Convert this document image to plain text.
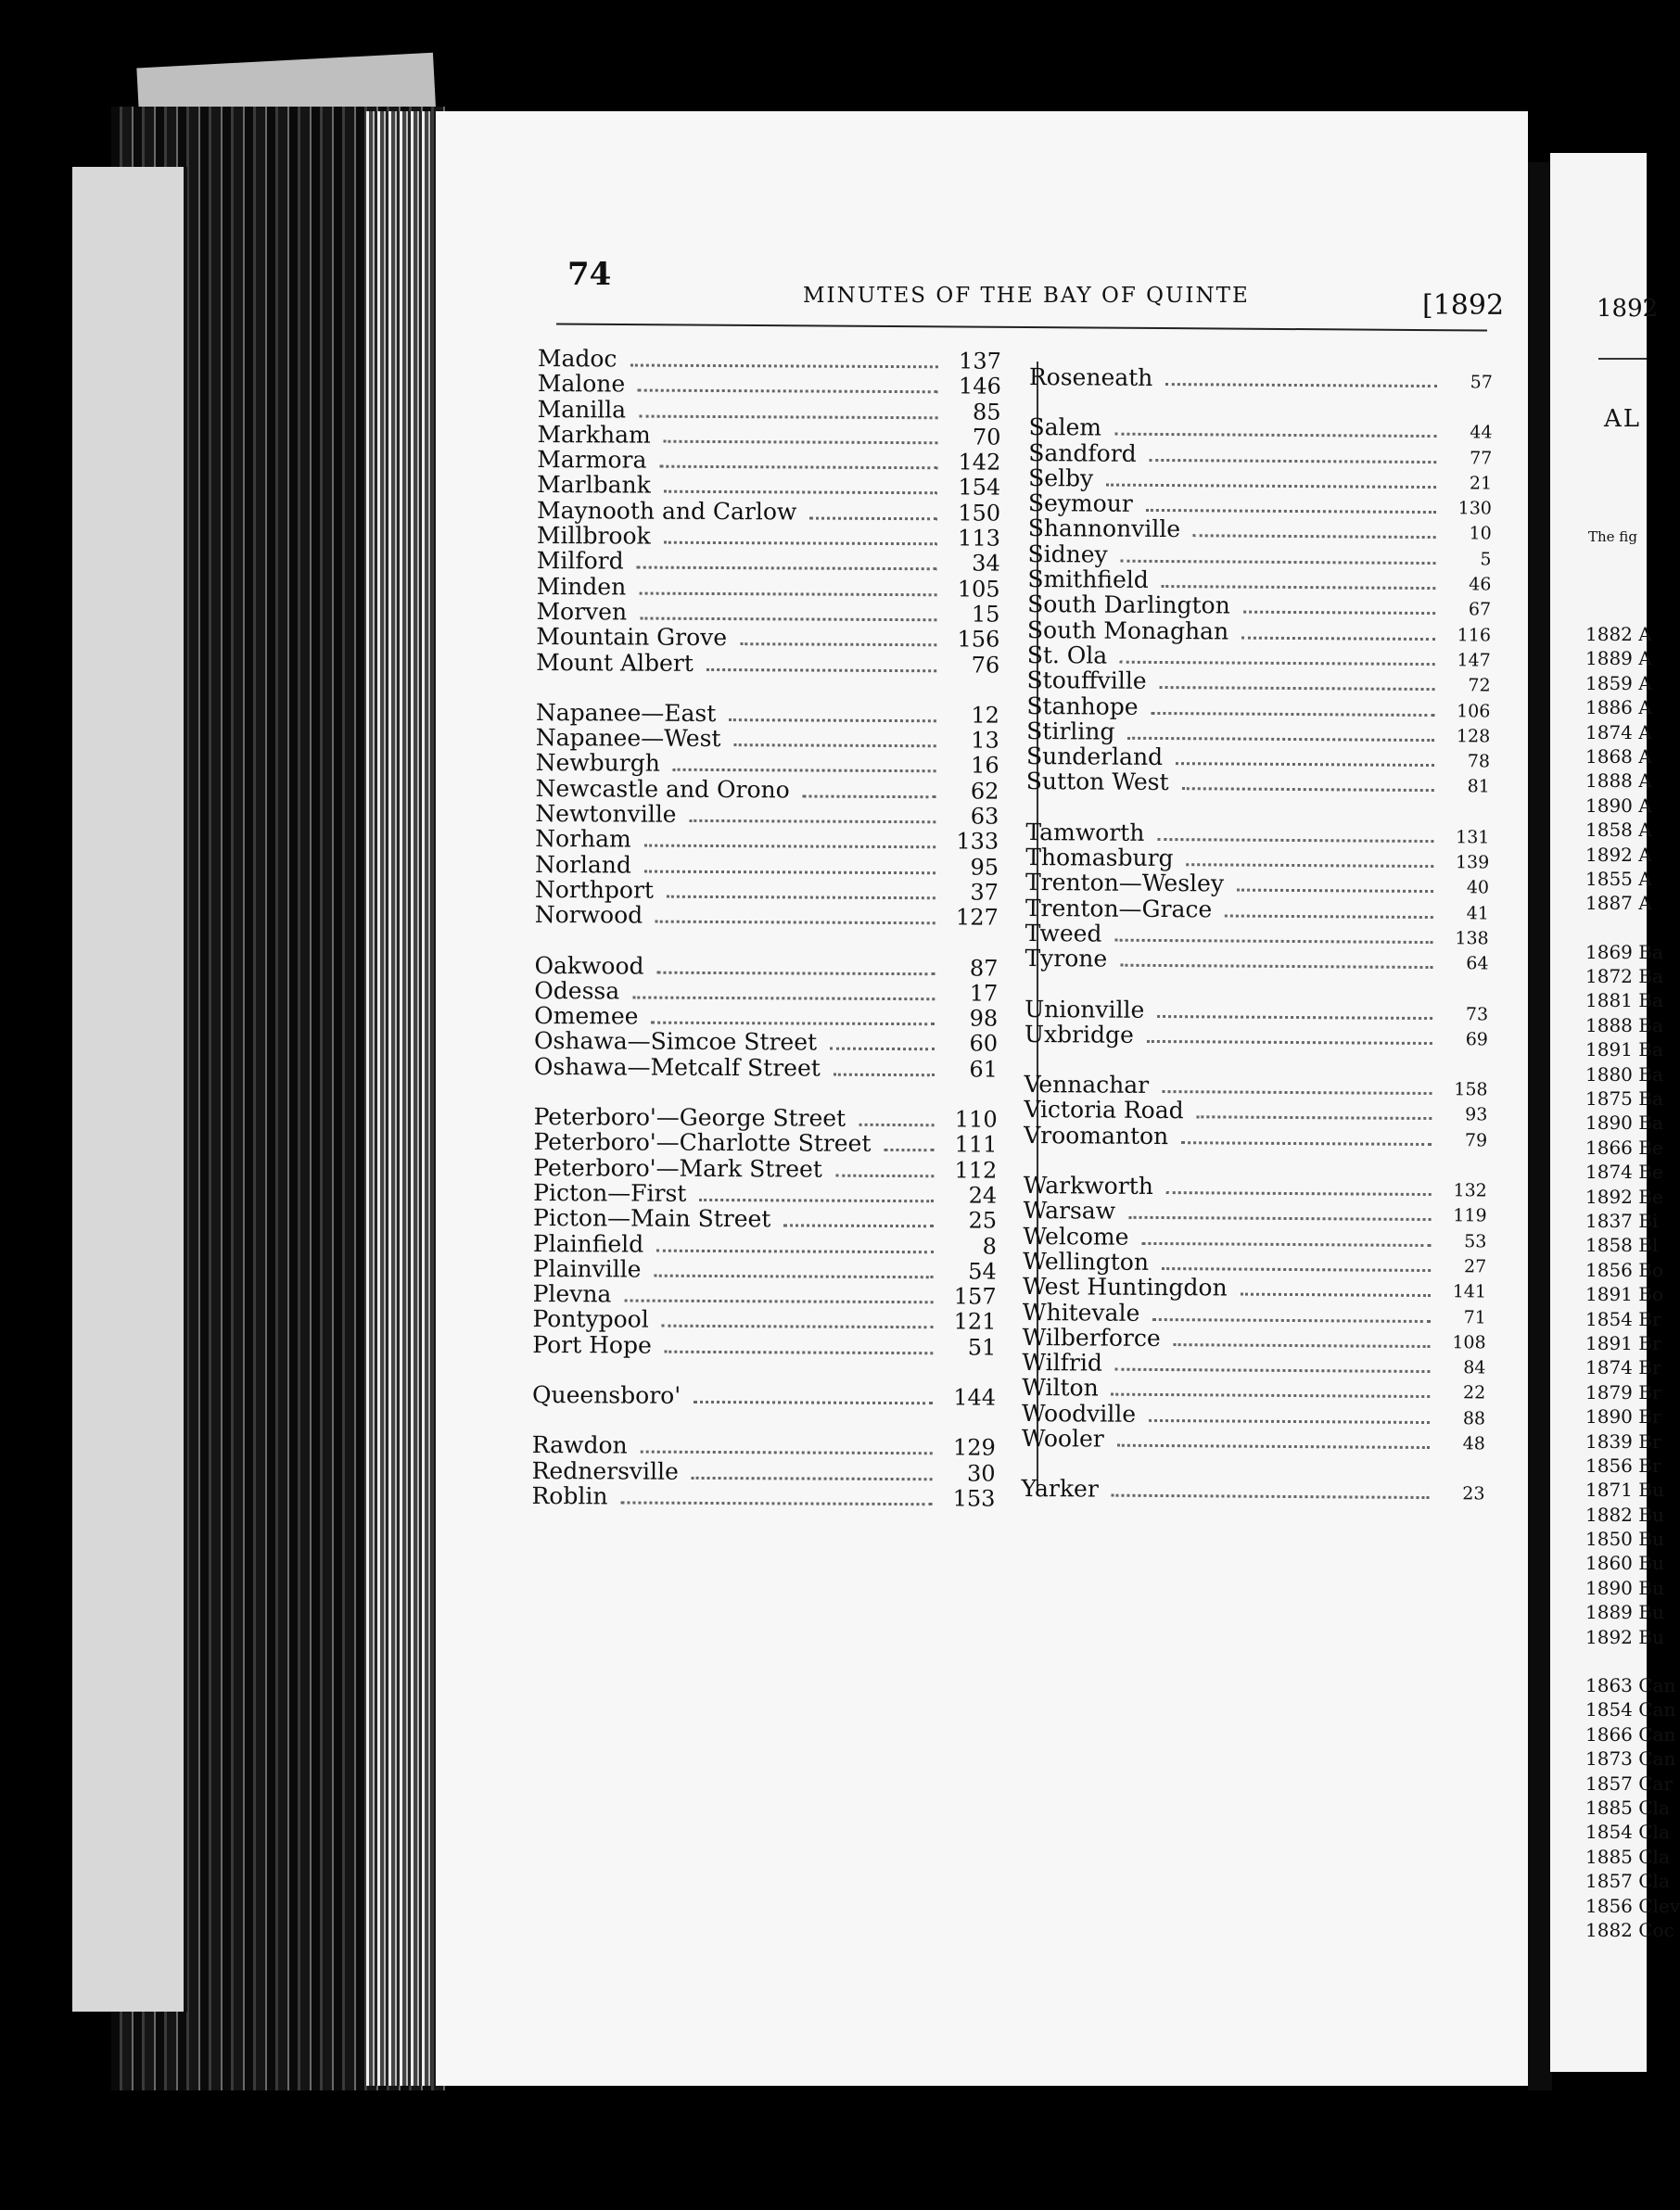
74
MINUTES OF THE BAY OF QUINTE	[1892
Madoc	137
Malone	146
Manilla	85
Markham	70
Marmora	142
Marlbank	154
Maynooth and Carlow	150
Millbrook	113
Milford	34
Minden	105
Morven	15
Mountain Grove	156
Mount Albert	76
Napanee—East	12
Napanee—West	13
Newburgh	16
Newcastle and Orono	62
Newtonville	63
Norham	133
Norland	95
Northport	37
Norwood	127
Oakwood	87
Odessa	17
Omemee	98
Oshawa—Simcoe Street	60
Oshawa—Metcalf Street	61
Peterboro'—George Street	110
Peterboro'—Charlotte Street	111
Peterboro'—Mark Street	112
Picton—First	24
Picton—Main Street	25
Plainfield	8
Plainville	54
Plevna	157
Pontypool	121
Port Hope	51
Queensboro'	144
Rawdon	129
Rednersville	30
Roblin	153
Roseneath	57
Salem	44
Sandford	77
Selby	21
Seymour	130
Shannonville	10
Sidney	5
Smithfield	46
South Darlington	67
South Monaghan	116
St. Ola	147
Stouffville	72
Stanhope	106
Stirling	128
Sunderland	78
Sutton West	81
Tamworth	131
Thomasburg	139
Trenton—Wesley	40
Trenton—Grace	41
Tweed	138
Tyrone	64
Unionville	73
Uxbridge	69
Vennachar	158
Victoria Road	93
Vroomanton	79
Warkworth	132
Warsaw	119
Welcome	53
Wellington	27
West Huntingdon	141
Whitevale	71
Wilberforce	108
Wilfrid	84
Wilton	22
Woodville	88
Wooler	48
Yarker	23
1892
AL
The fig
1882 A
1889 A
1859 A
1886 A
1874 A
1868 A
1888 A
1890 A
1858 A
1892 A
1855 A
1887 A
1869 Ba
1872 Ba
1881 Ba
1888 Ba
1891 Ba
1880 Ba
1875 Ba
1890 Ba
1866 Be
1874 Be
1892 Be
1837 Bi
1858 Bl
1856 Bo
1891 Bo
1854 Br
1891 Br
1874 Br
1879 Br
1890 Br
1839 Br
1856 Br
1871 Bu
1882 Bu
1850 Bu
1860 Bu
1890 Bu
1889 Bu
1892 Bu
1863 Can
1854 Can
1866 Can
1873 Can
1857 Car
1885 Cla
1854 Cla
1885 Cla
1857 Cla
1856 Clev
1882 Coc
